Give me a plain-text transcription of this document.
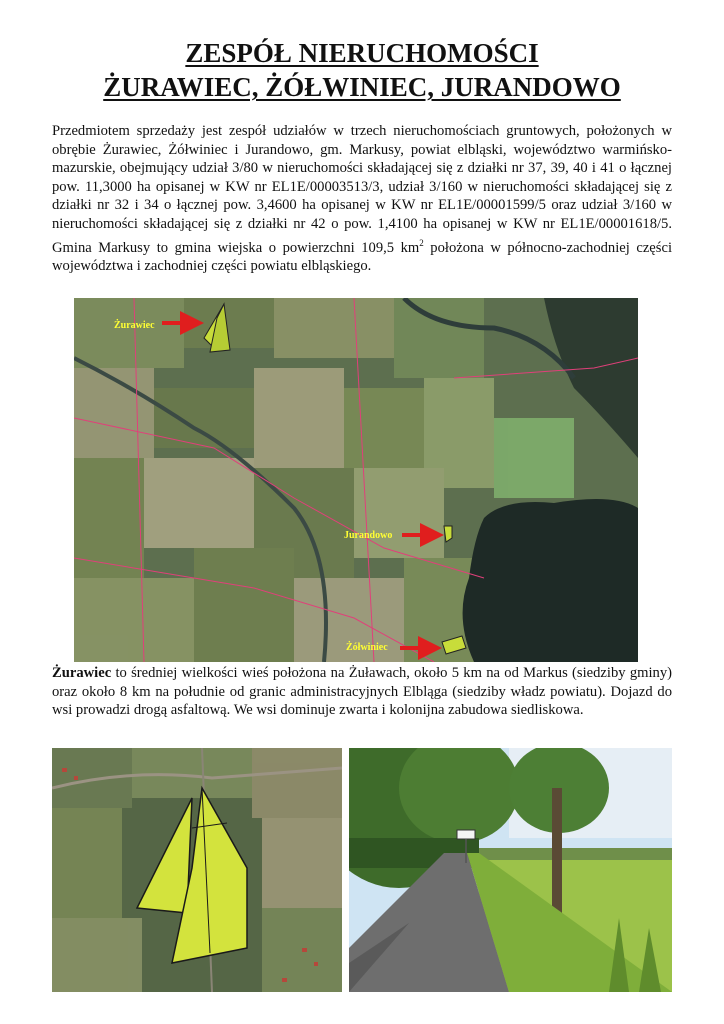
ZESPÓŁ NIERUCHOMOŚCI
ŻURAWIEC, ŻÓŁWINIEC, JURANDOWO

Przedmiotem sprzedaży jest zespół udziałów w trzech nieruchomościach gruntowych, położonych w obrębie Żurawiec, Żółwiniec i Jurandowo, gm. Markusy, powiat elbląski, województwo warmińsko-mazurskie, obejmujący udział 3/80 w nieruchomości składającej się z działki nr 37, 39, 40 i 41 o łącznej pow. 11,3000 ha opisanej w KW nr EL1E/00003513/3, udział 3/160 w nieruchomości składającej się z działki nr 32 i 34 o łącznej pow. 3,4600 ha opisanej w KW nr EL1E/00001599/5 oraz udział 3/160 w nieruchomości składającej się z działki nr 42 o pow. 1,4100 ha opisanej w KW nr EL1E/00001618/5. Gmina Markusy to gmina wiejska o powierzchni 109,5 $km^2$ położona w północno-zachodniej części województwa i zachodniej części powiatu elbląskiego.

Żurawiec
Jurandowo
Żółwiniec

Żurawiec to średniej wielkości wieś położona na Żuławach, około 5 km na od Markus (siedziby gminy) oraz około 8 km na południe od granic administracyjnych Elbląga (siedziby władz powiatu). Dojazd do wsi prowadzi drogą asfaltową. We wsi dominuje zwarta i kolonijna zabudowa siedliskowa.
